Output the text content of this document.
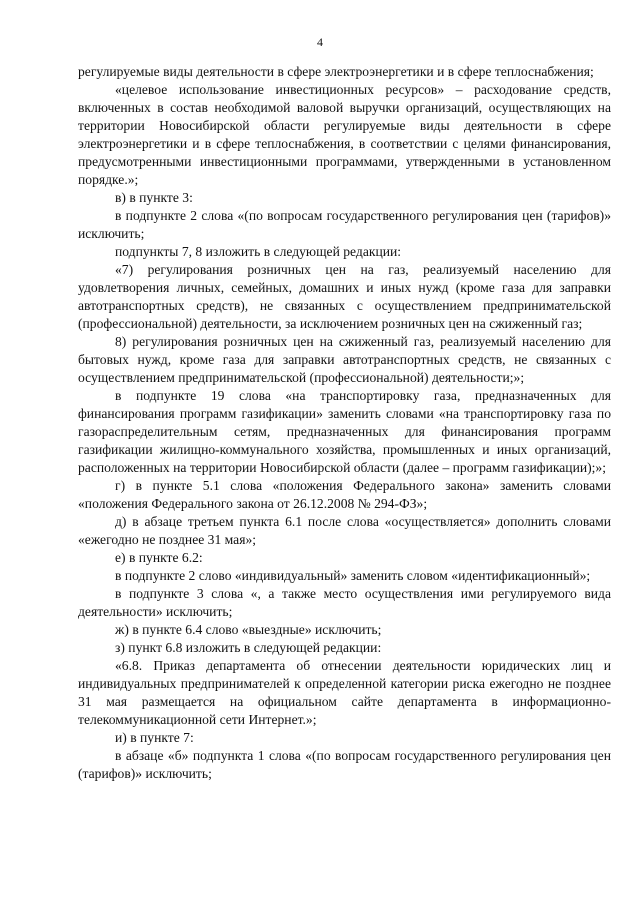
4

регулируемые виды деятельности в сфере электроэнергетики и в сфере теплоснабжения;

«целевое использование инвестиционных ресурсов» – расходование средств, включенных в состав необходимой валовой выручки организаций, осуществляющих на территории Новосибирской области регулируемые виды деятельности в сфере электроэнергетики и в сфере теплоснабжения, в соответствии с целями финансирования, предусмотренными инвестиционными программами, утвержденными в установленном порядке.»;

в) в пункте 3:

в подпункте 2 слова «(по вопросам государственного регулирования цен (тарифов)» исключить;

подпункты 7, 8 изложить в следующей редакции:

«7) регулирования розничных цен на газ, реализуемый населению для удовлетворения личных, семейных, домашних и иных нужд (кроме газа для заправки автотранспортных средств), не связанных с осуществлением предпринимательской (профессиональной) деятельности, за исключением розничных цен на сжиженный газ;

8) регулирования розничных цен на сжиженный газ, реализуемый населению для бытовых нужд, кроме газа для заправки автотранспортных средств, не связанных с осуществлением предпринимательской (профессиональной) деятельности;»;

в подпункте 19 слова «на транспортировку газа, предназначенных для финансирования программ газификации» заменить словами «на транспортировку газа по газораспределительным сетям, предназначенных для финансирования программ газификации жилищно-коммунального хозяйства, промышленных и иных организаций, расположенных на территории Новосибирской области (далее – программ газификации);»;

г) в пункте 5.1 слова «положения Федерального закона» заменить словами «положения Федерального закона от 26.12.2008 № 294-ФЗ»;

д) в абзаце третьем пункта 6.1 после слова «осуществляется» дополнить словами «ежегодно не позднее 31 мая»;

е) в пункте 6.2:

в подпункте 2 слово «индивидуальный» заменить словом «идентификационный»;

в подпункте 3 слова «, а также место осуществления ими регулируемого вида деятельности» исключить;

ж) в пункте 6.4 слово «выездные» исключить;

з) пункт 6.8 изложить в следующей редакции:

«6.8. Приказ департамента об отнесении деятельности юридических лиц и индивидуальных предпринимателей к определенной категории риска ежегодно не позднее 31 мая размещается на официальном сайте департамента в информационно-телекоммуникационной сети Интернет.»;

и) в пункте 7:

в абзаце «б» подпункта 1 слова «(по вопросам государственного регулирования цен (тарифов)» исключить;
